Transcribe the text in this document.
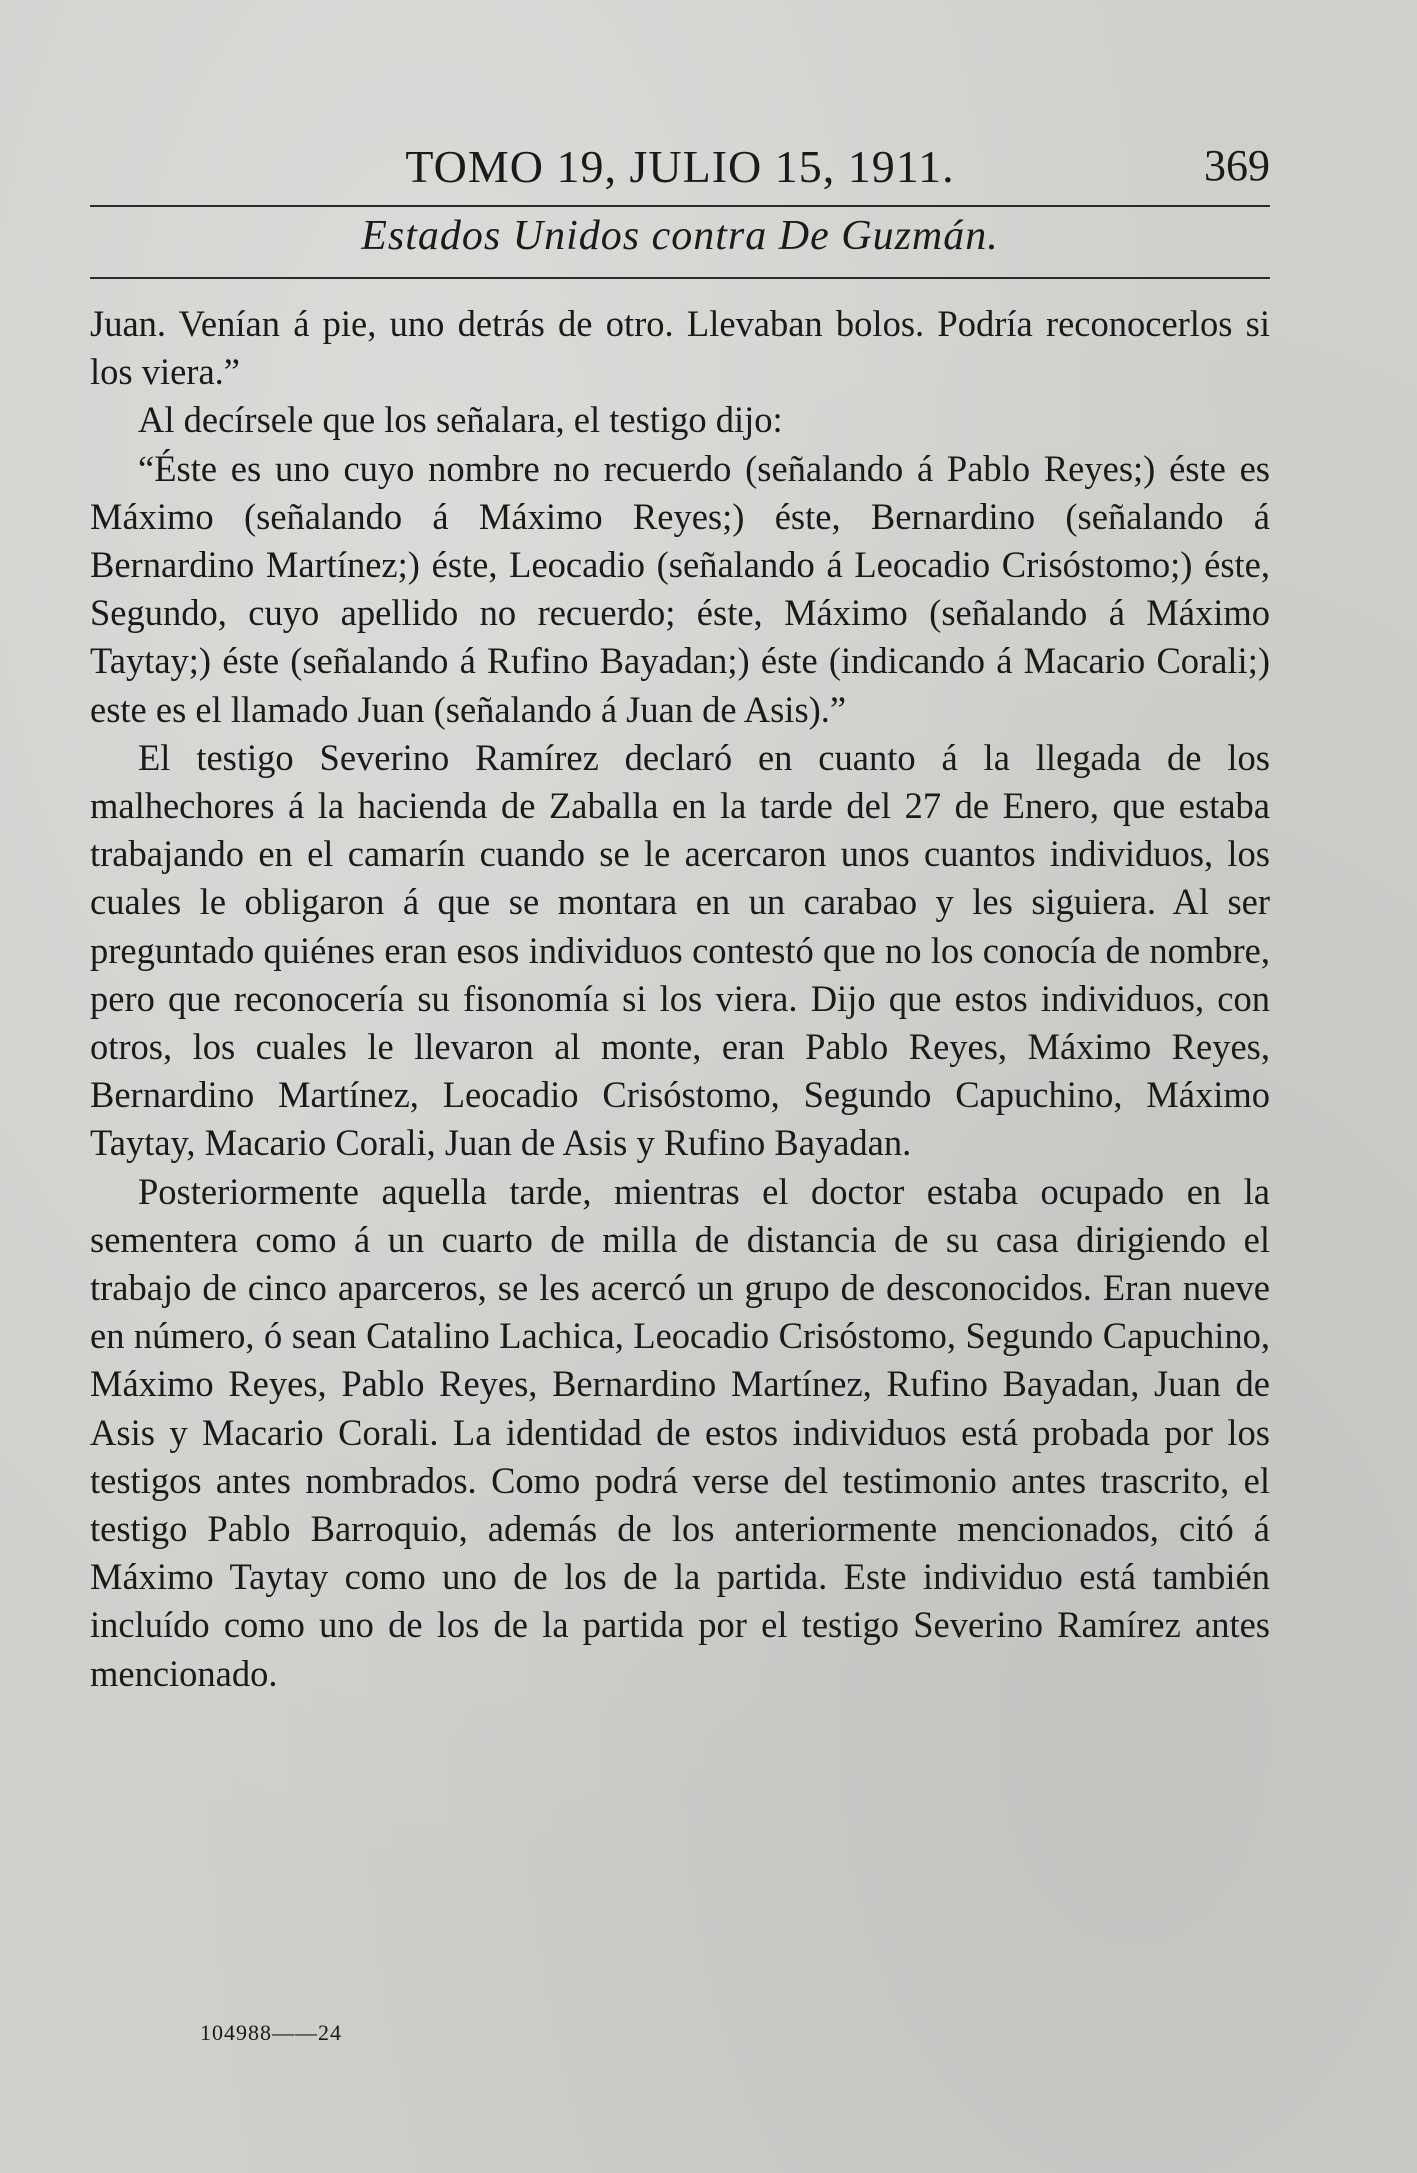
TOMO 19, JULIO 15, 1911.	369
Estados Unidos contra De Guzmán.

Juan. Venían á pie, uno detrás de otro. Llevaban bolos. Podría reconocerlos si los viera.”

Al decírsele que los señalara, el testigo dijo:

“Éste es uno cuyo nombre no recuerdo (señalando á Pablo Reyes;) éste es Máximo (señalando á Máximo Reyes;) éste, Bernardino (señalando á Bernardino Martínez;) éste, Leocadio (señalando á Leocadio Crisóstomo;) éste, Segundo, cuyo apellido no recuerdo; éste, Máximo (señalando á Máximo Taytay;) éste (señalando á Rufino Bayadan;) éste (indicando á Macario Corali;) este es el llamado Juan (señalando á Juan de Asis).”

El testigo Severino Ramírez declaró en cuanto á la llegada de los malhechores á la hacienda de Zaballa en la tarde del 27 de Enero, que estaba trabajando en el camarín cuando se le acercaron unos cuantos individuos, los cuales le obligaron á que se montara en un carabao y les siguiera. Al ser preguntado quiénes eran esos individuos contestó que no los conocía de nombre, pero que reconocería su fisonomía si los viera. Dijo que estos individuos, con otros, los cuales le llevaron al monte, eran Pablo Reyes, Máximo Reyes, Bernardino Martínez, Leocadio Crisóstomo, Segundo Capuchino, Máximo Taytay, Macario Corali, Juan de Asis y Rufino Bayadan.

Posteriormente aquella tarde, mientras el doctor estaba ocupado en la sementera como á un cuarto de milla de distancia de su casa dirigiendo el trabajo de cinco aparceros, se les acercó un grupo de desconocidos. Eran nueve en número, ó sean Catalino Lachica, Leocadio Crisóstomo, Segundo Capuchino, Máximo Reyes, Pablo Reyes, Bernardino Martínez, Rufino Bayadan, Juan de Asis y Macario Corali. La identidad de estos individuos está probada por los testigos antes nombrados. Como podrá verse del testimonio antes trascrito, el testigo Pablo Barroquio, además de los anteriormente mencionados, citó á Máximo Taytay como uno de los de la partida. Este individuo está también incluído como uno de los de la partida por el testigo Severino Ramírez antes mencionado.

104988——24
